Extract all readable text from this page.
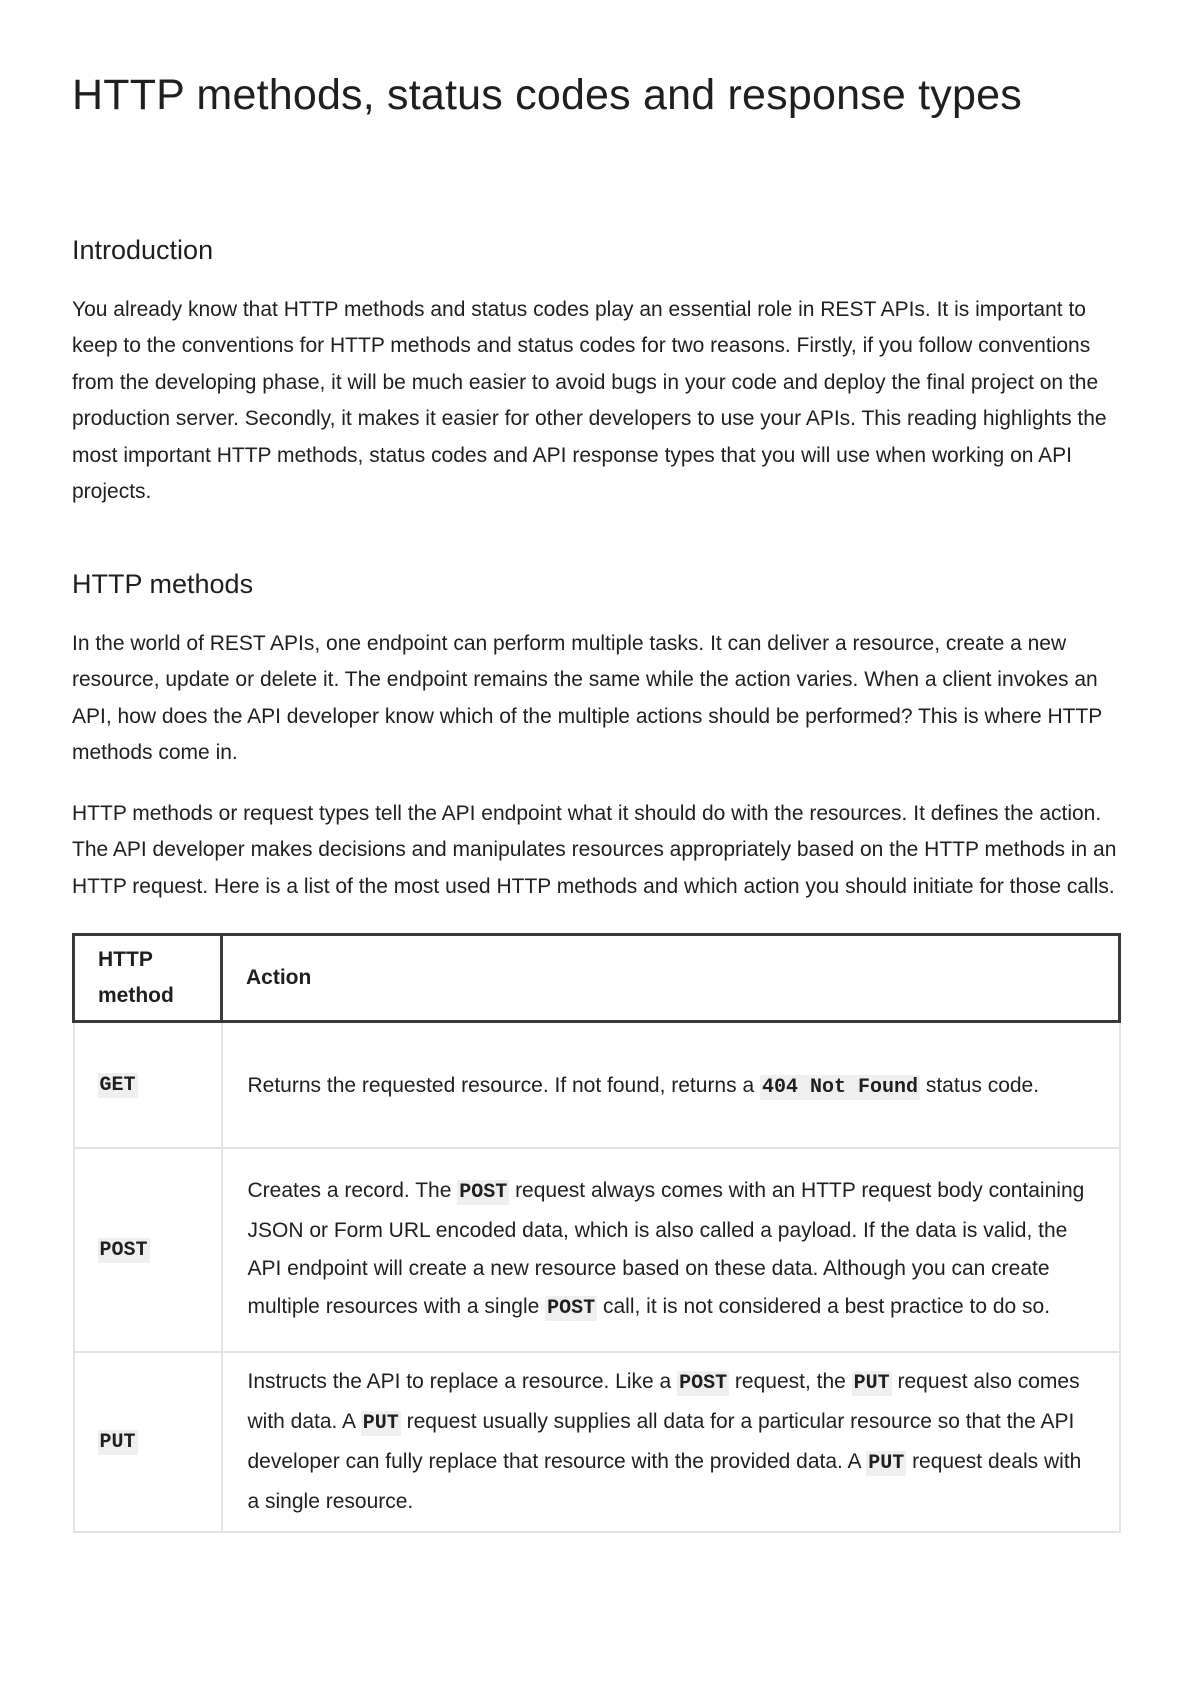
HTTP methods, status codes and response types
Introduction

You already know that HTTP methods and status codes play an essential role in REST APIs. It is important to keep to the conventions for HTTP methods and status codes for two reasons. Firstly, if you follow conventions from the developing phase, it will be much easier to avoid bugs in your code and deploy the final project on the production server. Secondly, it makes it easier for other developers to use your APIs. This reading highlights the most important HTTP methods, status codes and API response types that you will use when working on API projects.

HTTP methods

In the world of REST APIs, one endpoint can perform multiple tasks. It can deliver a resource, create a new resource, update or delete it. The endpoint remains the same while the action varies. When a client invokes an API, how does the API developer know which of the multiple actions should be performed? This is where HTTP methods come in.

HTTP methods or request types tell the API endpoint what it should do with the resources. It defines the action. The API developer makes decisions and manipulates resources appropriately based on the HTTP methods in an HTTP request. Here is a list of the most used HTTP methods and which action you should initiate for those calls.

HTTP method	Action
GET	Returns the requested resource. If not found, returns a 404 Not Found status code.
POST	Creates a record. The POST request always comes with an HTTP request body containing JSON or Form URL encoded data, which is also called a payload. If the data is valid, the API endpoint will create a new resource based on these data. Although you can create multiple resources with a single POST call, it is not considered a best practice to do so.
PUT	Instructs the API to replace a resource. Like a POST request, the PUT request also comes with data. A PUT request usually supplies all data for a particular resource so that the API developer can fully replace that resource with the provided data. A PUT request deals with a single resource.
